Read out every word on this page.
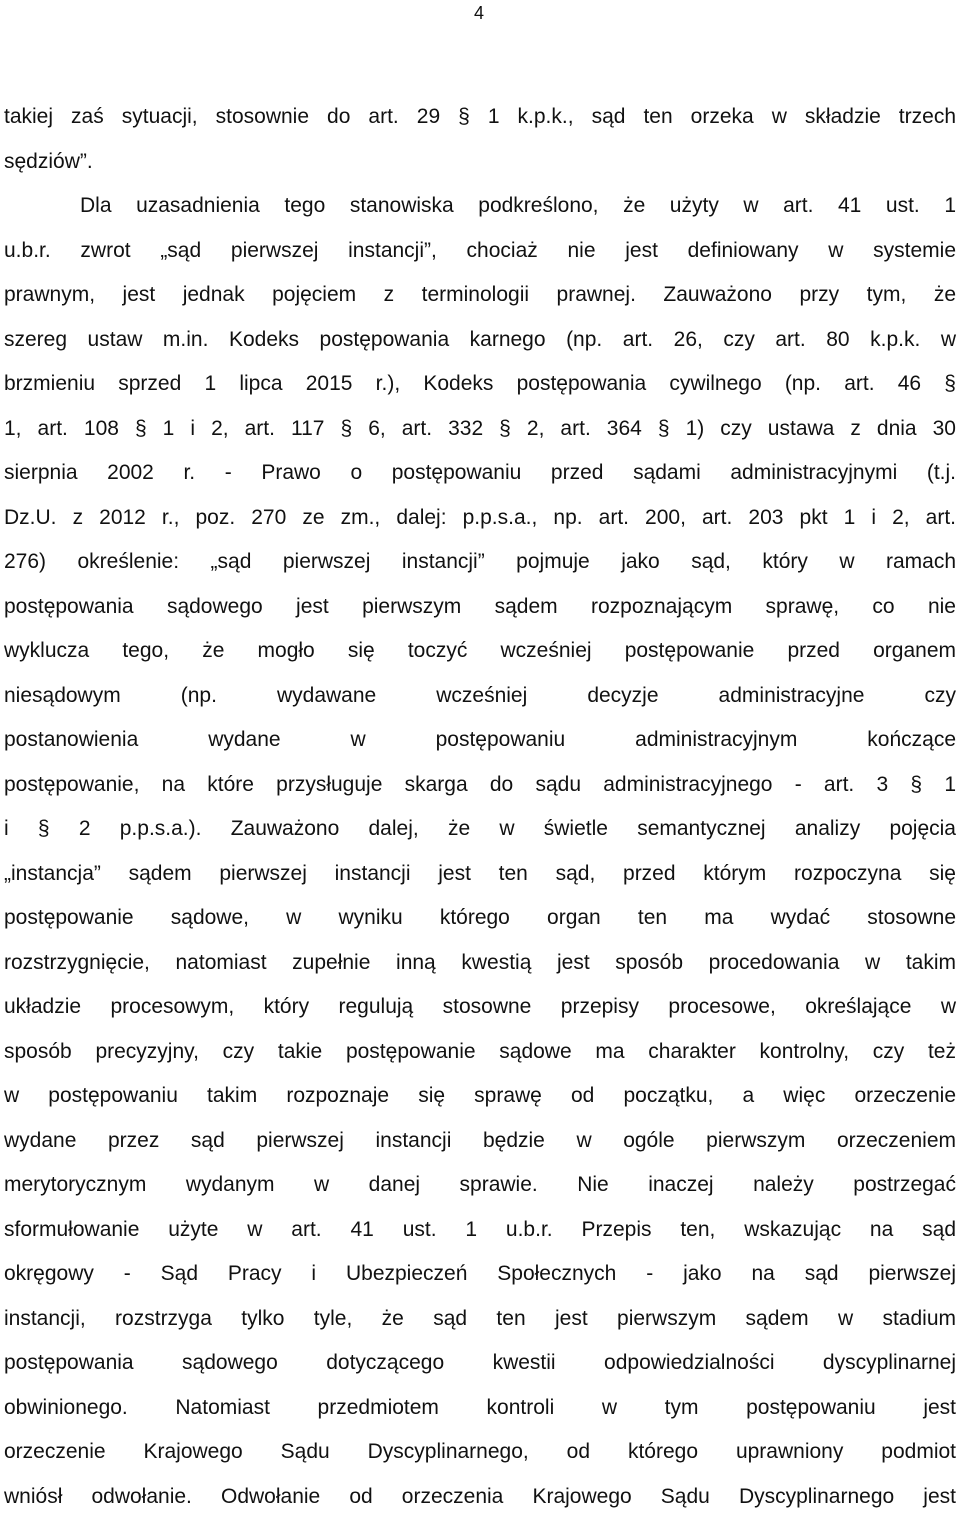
4
takiej zaś sytuacji, stosownie do art. 29 § 1 k.p.k., sąd ten orzeka w składzie trzech
sędziów”.
Dla uzasadnienia tego stanowiska podkreślono, że użyty w art. 41 ust. 1
u.b.r. zwrot „sąd pierwszej instancji”, chociaż nie jest definiowany w systemie
prawnym, jest jednak pojęciem z terminologii prawnej. Zauważono przy tym, że
szereg ustaw m.in. Kodeks postępowania karnego (np. art. 26, czy art. 80 k.p.k. w
brzmieniu sprzed 1 lipca 2015 r.), Kodeks postępowania cywilnego (np. art. 46 §
1, art. 108 § 1 i 2, art. 117 § 6, art. 332 § 2, art. 364 § 1) czy ustawa z dnia 30
sierpnia 2002 r. - Prawo o postępowaniu przed sądami administracyjnymi (t.j.
Dz.U. z 2012 r., poz. 270 ze zm., dalej: p.p.s.a., np. art. 200, art. 203 pkt 1 i 2, art.
276) określenie: „sąd pierwszej instancji” pojmuje jako sąd, który w ramach
postępowania sądowego jest pierwszym sądem rozpoznającym sprawę, co nie
wyklucza tego, że mogło się toczyć wcześniej postępowanie przed organem
niesądowym (np. wydawane wcześniej decyzje administracyjne czy
postanowienia wydane w postępowaniu administracyjnym kończące
postępowanie, na które przysługuje skarga do sądu administracyjnego - art. 3 § 1
i § 2 p.p.s.a.). Zauważono dalej, że w świetle semantycznej analizy pojęcia
„instancja” sądem pierwszej instancji jest ten sąd, przed którym rozpoczyna się
postępowanie sądowe, w wyniku którego organ ten ma wydać stosowne
rozstrzygnięcie, natomiast zupełnie inną kwestią jest sposób procedowania w takim
układzie procesowym, który regulują stosowne przepisy procesowe, określające w
sposób precyzyjny, czy takie postępowanie sądowe ma charakter kontrolny, czy też
w postępowaniu takim rozpoznaje się sprawę od początku, a więc orzeczenie
wydane przez sąd pierwszej instancji będzie w ogóle pierwszym orzeczeniem
merytorycznym wydanym w danej sprawie. Nie inaczej należy postrzegać
sformułowanie użyte w art. 41 ust. 1 u.b.r. Przepis ten, wskazując na sąd
okręgowy - Sąd Pracy i Ubezpieczeń Społecznych - jako na sąd pierwszej
instancji, rozstrzyga tylko tyle, że sąd ten jest pierwszym sądem w stadium
postępowania sądowego dotyczącego kwestii odpowiedzialności dyscyplinarnej
obwinionego. Natomiast przedmiotem kontroli w tym postępowaniu jest
orzeczenie Krajowego Sądu Dyscyplinarnego, od którego uprawniony podmiot
wniósł odwołanie. Odwołanie od orzeczenia Krajowego Sądu Dyscyplinarnego jest
